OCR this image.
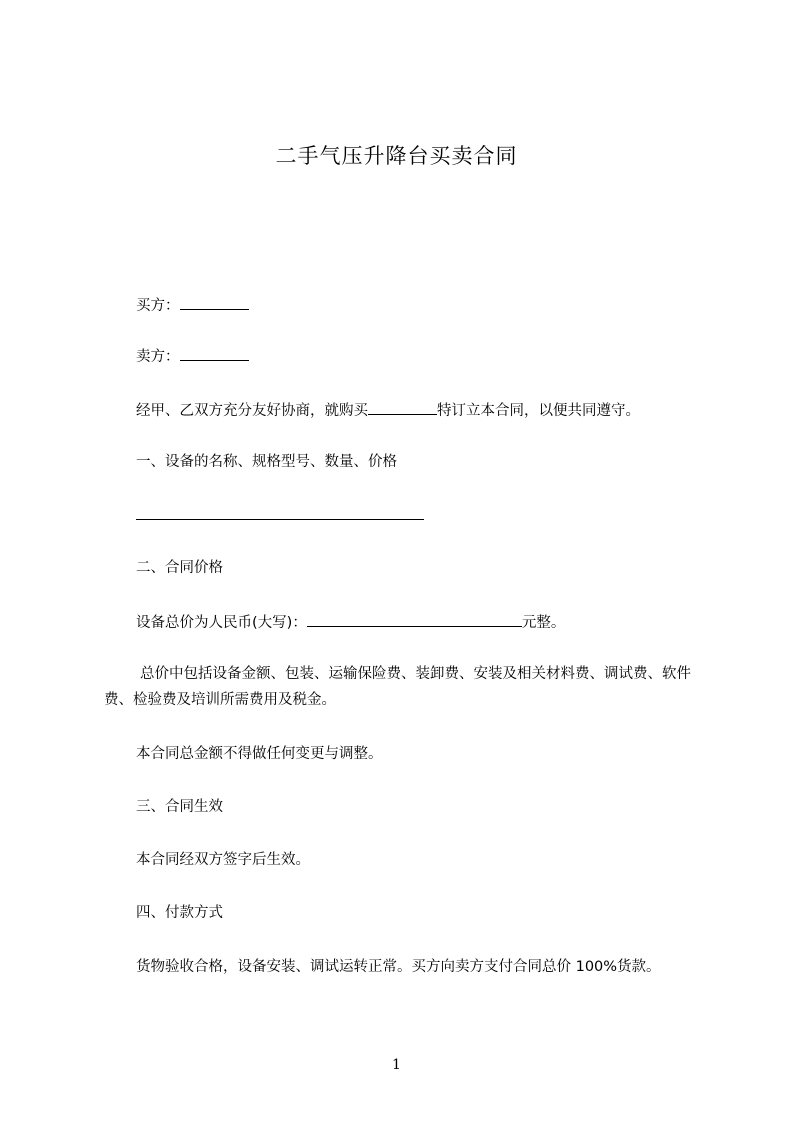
二手气压升降台买卖合同
买方：
卖方：
经甲、乙双方充分友好协商，就购买	特订立本合同，以便共同遵守。
一、设备的名称、规格型号、数量、价格
二、合同价格
设备总价为人民币(大写)：	元整。
总价中包括设备金额、包装、运输保险费、装卸费、安装及相关材料费、调试费、软件费、检验费及培训所需费用及税金。
本合同总金额不得做任何变更与调整。
三、合同生效
本合同经双方签字后生效。
四、付款方式
货物验收合格，设备安装、调试运转正常。买方向卖方支付合同总价 100%货款。
1
